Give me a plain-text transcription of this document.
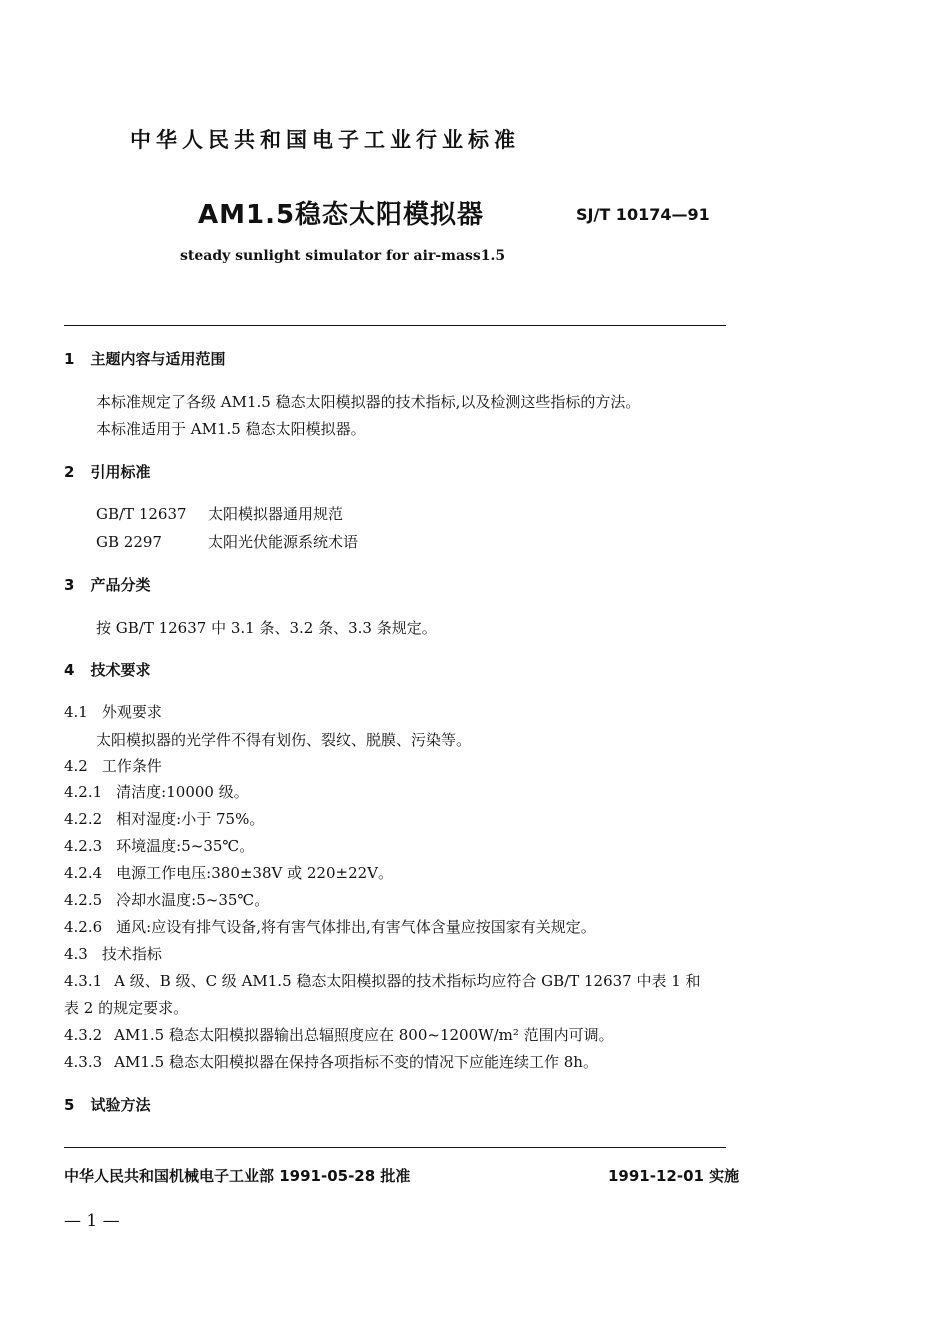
中华人民共和国电子工业行业标准
AM1.5稳态太阳模拟器	SJ/T 10174—91
steady sunlight simulator for air-mass1.5
1 主题内容与适用范围
本标准规定了各级 AM1.5 稳态太阳模拟器的技术指标,以及检测这些指标的方法。
本标准适用于 AM1.5 稳态太阳模拟器。
2 引用标准
GB/T 12637 太阳模拟器通用规范
GB 2297	太阳光伏能源系统术语
3 产品分类
按 GB/T 12637 中 3.1 条、3.2 条、3.3 条规定。
4 技术要求
4.1 外观要求
太阳模拟器的光学件不得有划伤、裂纹、脱膜、污染等。
4.2 工作条件
4.2.1 清洁度:10000 级。
4.2.2 相对湿度:小于 75%。
4.2.3 环境温度:5~35℃。
4.2.4 电源工作电压:380±38V 或 220±22V。
4.2.5 冷却水温度:5~35℃。
4.2.6 通风:应设有排气设备,将有害气体排出,有害气体含量应按国家有关规定。
4.3 技术指标
4.3.1 A 级、B 级、C 级 AM1.5 稳态太阳模拟器的技术指标均应符合 GB/T 12637 中表 1 和
表 2 的规定要求。
4.3.2 AM1.5 稳态太阳模拟器输出总辐照度应在 800~1200W/m² 范围内可调。
4.3.3 AM1.5 稳态太阳模拟器在保持各项指标不变的情况下应能连续工作 8h。
5 试验方法
中华人民共和国机械电子工业部 1991-05-28 批准	1991-12-01 实施
— 1 —
